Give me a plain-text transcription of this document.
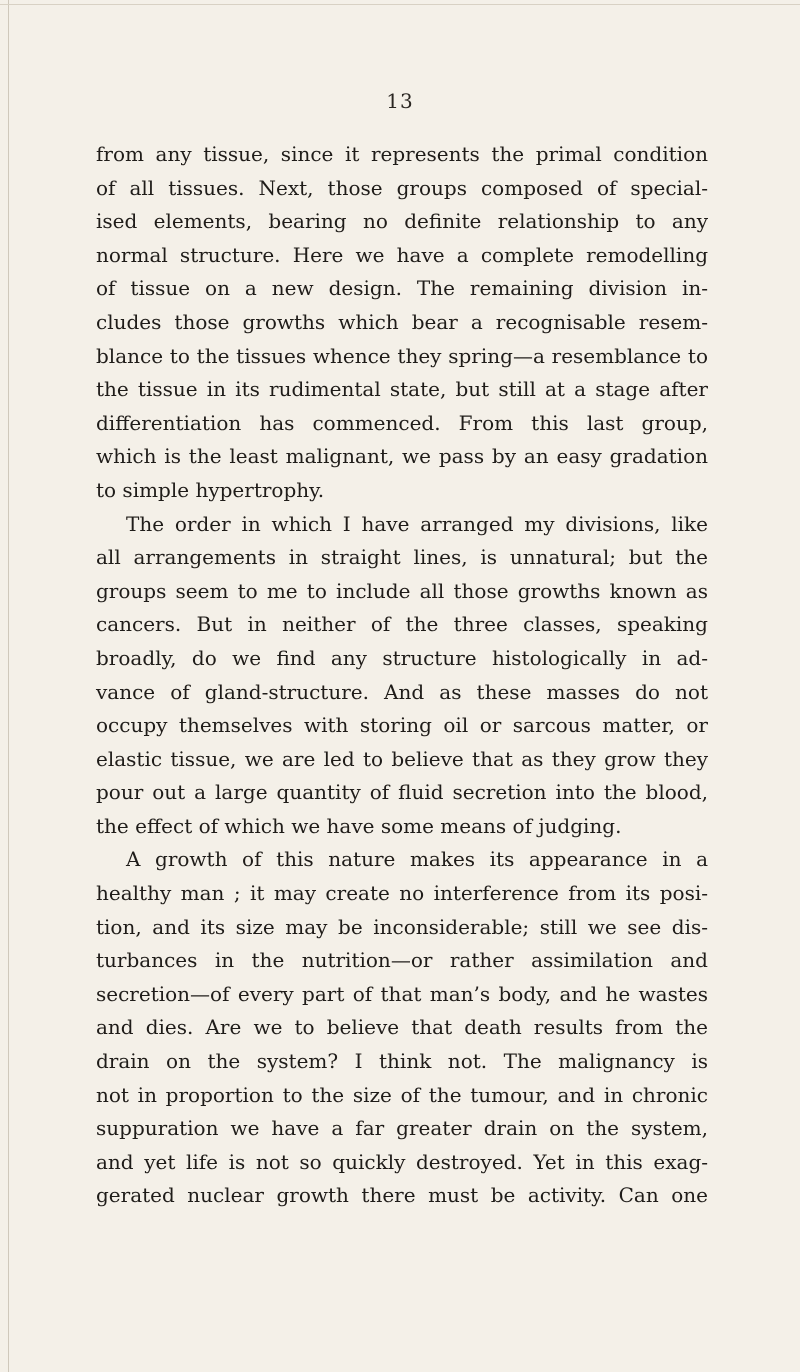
13
from any tissue, since it represents the primal condition
of all tissues. Next, those groups composed of special-
ised elements, bearing no definite relationship to any
normal structure. Here we have a complete remodelling
of tissue on a new design. The remaining division in-
cludes those growths which bear a recognisable resem-
blance to the tissues whence they spring—a resemblance to
the tissue in its rudimental state, but still at a stage after
differentiation has commenced. From this last group,
which is the least malignant, we pass by an easy gradation
to simple hypertrophy.
The order in which I have arranged my divisions, like
all arrangements in straight lines, is unnatural; but the
groups seem to me to include all those growths known as
cancers. But in neither of the three classes, speaking
broadly, do we find any structure histologically in ad-
vance of gland-structure. And as these masses do not
occupy themselves with storing oil or sarcous matter, or
elastic tissue, we are led to believe that as they grow they
pour out a large quantity of fluid secretion into the blood,
the effect of which we have some means of judging.
A growth of this nature makes its appearance in a
healthy man ; it may create no interference from its posi-
tion, and its size may be inconsiderable; still we see dis-
turbances in the nutrition—or rather assimilation and
secretion—of every part of that man’s body, and he wastes
and dies. Are we to believe that death results from the
drain on the system? I think not. The malignancy is
not in proportion to the size of the tumour, and in chronic
suppuration we have a far greater drain on the system,
and yet life is not so quickly destroyed. Yet in this exag-
gerated nuclear growth there must be activity. Can one
